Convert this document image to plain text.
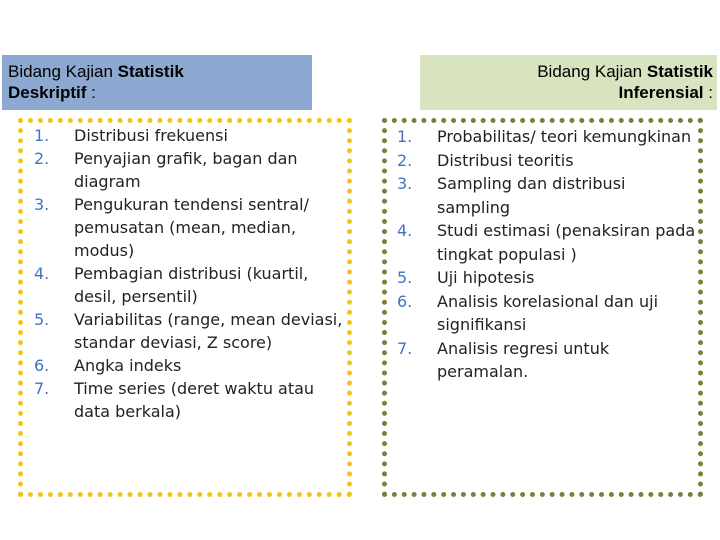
Bidang Kajian Statistik
Deskriptif :
Bidang Kajian Statistik
Inferensial :
1. Distribusi frekuensi
2. Penyajian grafik, bagan dan diagram
3. Pengukuran tendensi sentral/ pemusatan (mean, median, modus)
4. Pembagian distribusi (kuartil, desil, persentil)
5. Variabilitas (range, mean deviasi, standar deviasi, Z score)
6. Angka indeks
7. Time series (deret waktu atau data berkala)
1. Probabilitas/ teori kemungkinan
2. Distribusi teoritis
3. Sampling dan distribusi sampling
4. Studi estimasi (penaksiran pada tingkat populasi )
5. Uji hipotesis
6. Analisis korelasional dan uji signifikansi
7. Analisis regresi untuk peramalan.
